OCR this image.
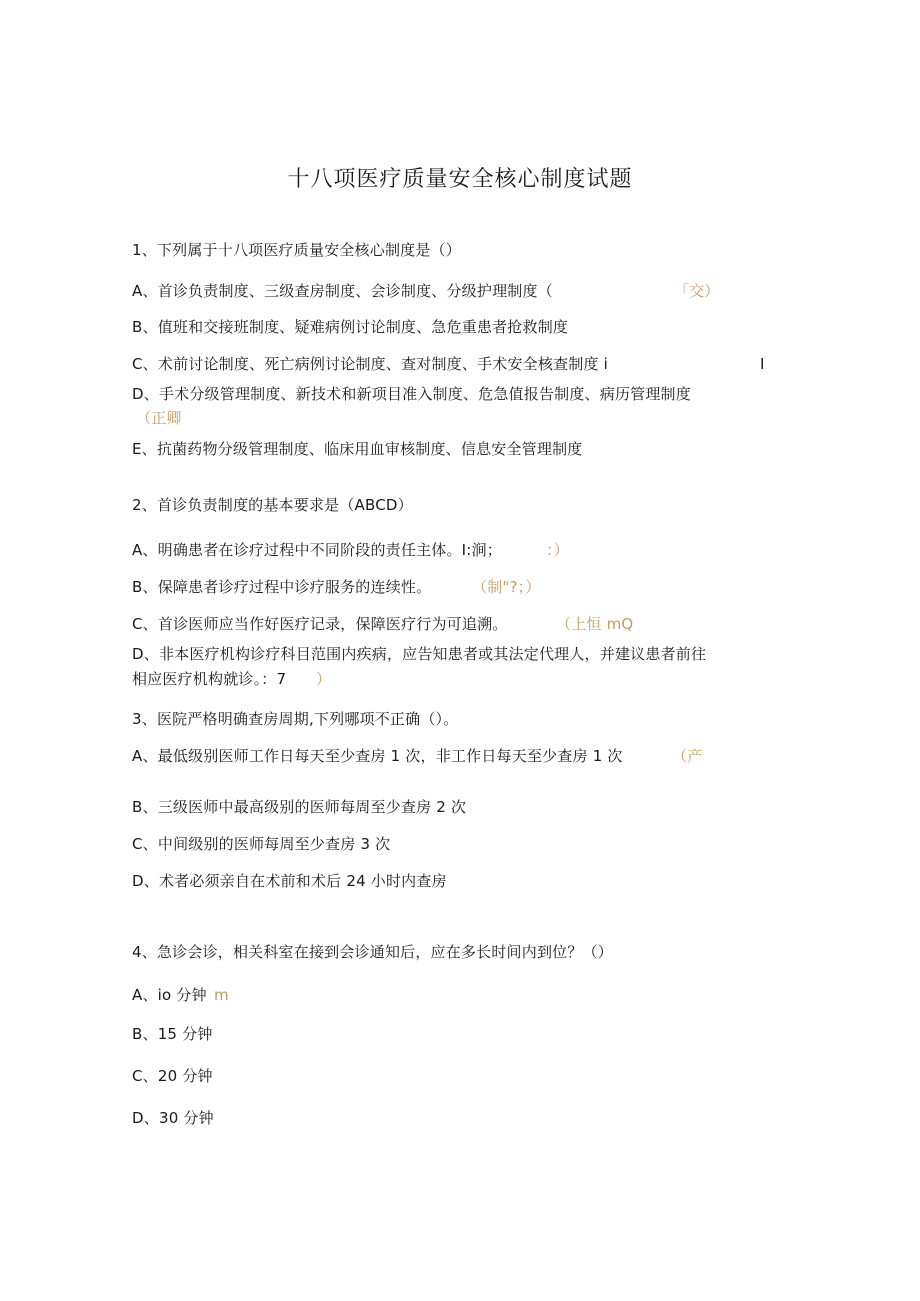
十八项医疗质量安全核心制度试题
1、下列属于十八项医疗质量安全核心制度是（）
A、首诊负责制度、三级查房制度、会诊制度、分级护理制度（	「交）
B、值班和交接班制度、疑难病例讨论制度、急危重患者抢救制度
C、术前讨论制度、死亡病例讨论制度、查对制度、手术安全核查制度 i	I
D、手术分级管理制度、新技术和新项目准入制度、危急值报告制度、病历管理制度
（正卿
E、抗菌药物分级管理制度、临床用血审核制度、信息安全管理制度
2、首诊负责制度的基本要求是（ABCD）
A、明确患者在诊疗过程中不同阶段的责任主体。I:涧；	：）
B、保障患者诊疗过程中诊疗服务的连续性。	（制"?；）
C、首诊医师应当作好医疗记录，保障医疗行为可追溯。	（上恒 mQ
D、非本医疗机构诊疗科目范围内疾病，应告知患者或其法定代理人，并建议患者前往
相应医疗机构就诊。：7 ）
3、医院严格明确查房周期,下列哪项不正确（）。
A、最低级别医师工作日每天至少查房 1 次，非工作日每天至少查房 1 次	（产
B、三级医师中最高级别的医师每周至少查房 2 次
C、中间级别的医师每周至少查房 3 次
D、术者必须亲自在术前和术后 24 小时内查房
4、急诊会诊，相关科室在接到会诊通知后，应在多长时间内到位？（）
A、io 分钟 m
B、15 分钟
C、20 分钟
D、30 分钟
